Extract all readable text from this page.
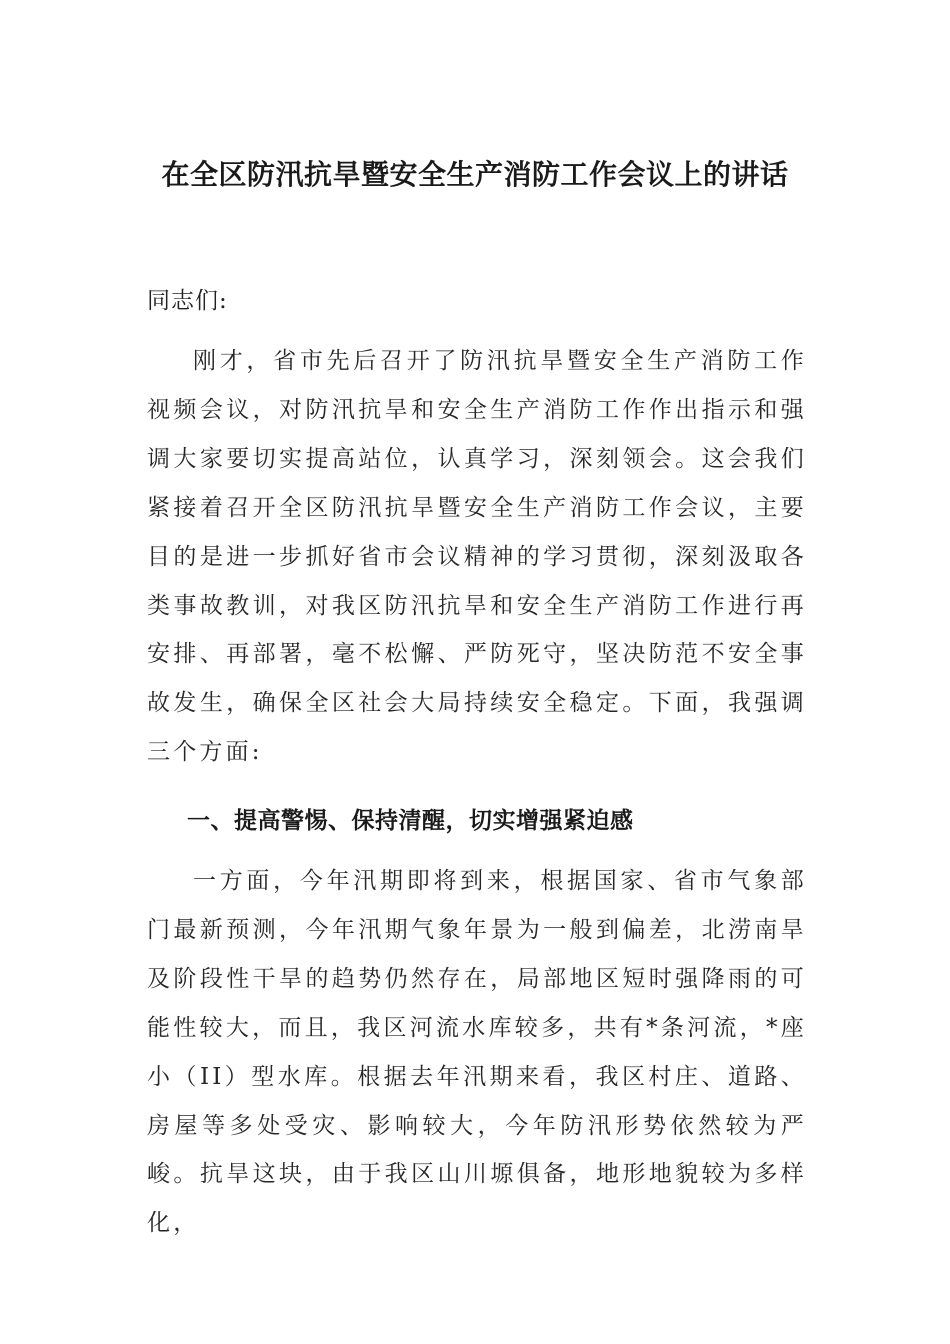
在全区防汛抗旱暨安全生产消防工作会议上的讲话

同志们:

刚才，省市先后召开了防汛抗旱暨安全生产消防工作视频会议，对防汛抗旱和安全生产消防工作作出指示和强调大家要切实提高站位，认真学习，深刻领会。这会我们紧接着召开全区防汛抗旱暨安全生产消防工作会议，主要目的是进一步抓好省市会议精神的学习贯彻，深刻汲取各类事故教训，对我区防汛抗旱和安全生产消防工作进行再安排、再部署，毫不松懈、严防死守，坚决防范不安全事故发生，确保全区社会大局持续安全稳定。下面，我强调三个方面:

一、提高警惕、保持清醒，切实增强紧迫感

一方面，今年汛期即将到来，根据国家、省市气象部门最新预测，今年汛期气象年景为一般到偏差，北涝南旱及阶段性干旱的趋势仍然存在，局部地区短时强降雨的可能性较大，而且，我区河流水库较多，共有*条河流，*座小（II）型水库。根据去年汛期来看，我区村庄、道路、房屋等多处受灾、影响较大，今年防汛形势依然较为严峻。抗旱这块，由于我区山川塬俱备，地形地貌较为多样化，
